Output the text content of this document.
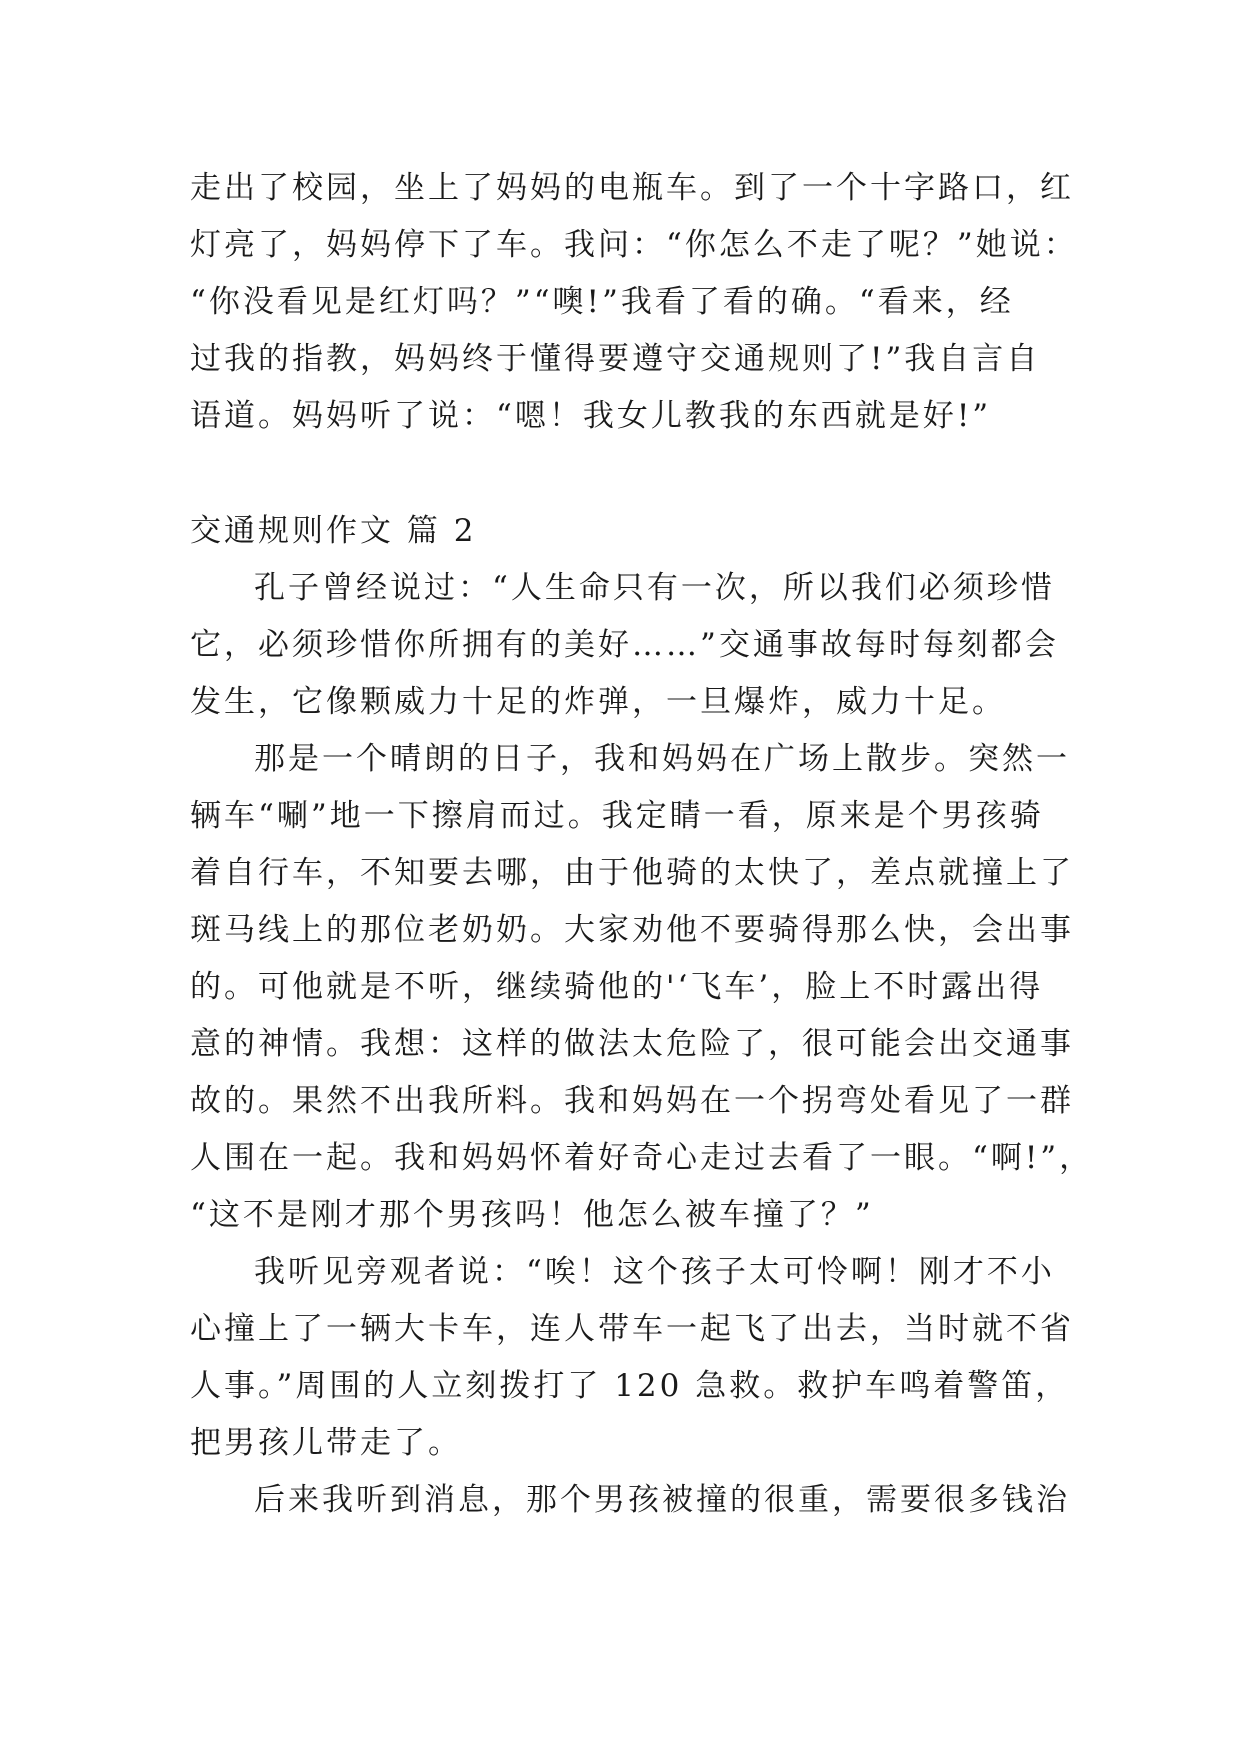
走出了校园，坐上了妈妈的电瓶车。到了一个十字路口，红
灯亮了，妈妈停下了车。我问：“你怎么不走了呢？”她说：
“你没看见是红灯吗？”“噢!”我看了看的确。“看来，经
过我的指教，妈妈终于懂得要遵守交通规则了!”我自言自
语道。妈妈听了说：“嗯！我女儿教我的东西就是好!”
交通规则作文 篇 2
孔子曾经说过：“人生命只有一次，所以我们必须珍惜
它，必须珍惜你所拥有的美好……”交通事故每时每刻都会
发生，它像颗威力十足的炸弹，一旦爆炸，威力十足。
那是一个晴朗的日子，我和妈妈在广场上散步。突然一
辆车“唰”地一下擦肩而过。我定睛一看，原来是个男孩骑
着自行车，不知要去哪，由于他骑的太快了，差点就撞上了
斑马线上的那位老奶奶。大家劝他不要骑得那么快，会出事
的。可他就是不听，继续骑他的'‘飞车’，脸上不时露出得
意的神情。我想：这样的做法太危险了，很可能会出交通事
故的。果然不出我所料。我和妈妈在一个拐弯处看见了一群
人围在一起。我和妈妈怀着好奇心走过去看了一眼。“啊!”，
“这不是刚才那个男孩吗！他怎么被车撞了？”
我听见旁观者说：“唉！这个孩子太可怜啊！刚才不小
心撞上了一辆大卡车，连人带车一起飞了出去，当时就不省
人事。”周围的人立刻拨打了 120 急救。救护车鸣着警笛，
把男孩儿带走了。
后来我听到消息，那个男孩被撞的很重，需要很多钱治
